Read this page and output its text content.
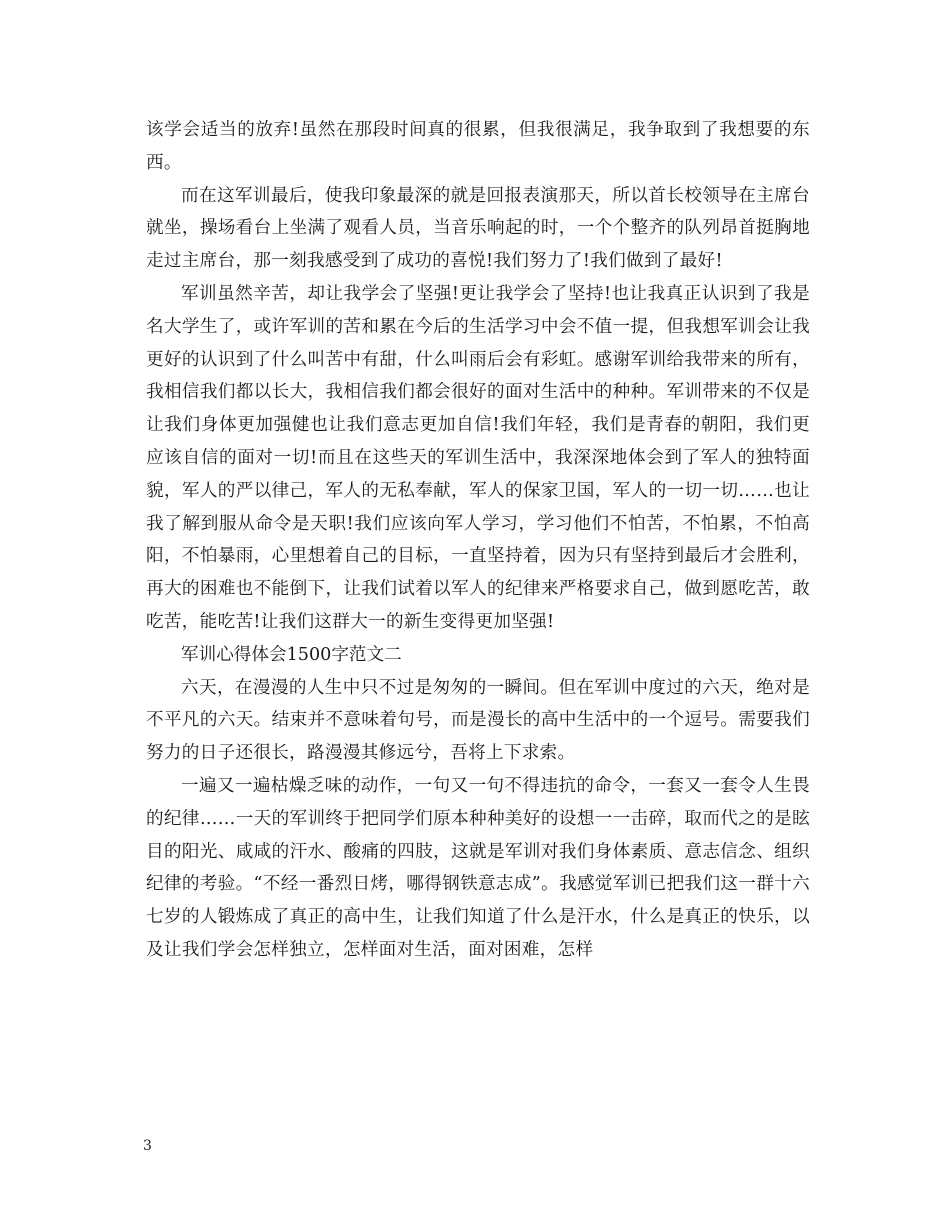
该学会适当的放弃!虽然在那段时间真的很累，但我很满足，我争取到了我想要的东西。

而在这军训最后，使我印象最深的就是回报表演那天，所以首长校领导在主席台就坐，操场看台上坐满了观看人员，当音乐响起的时，一个个整齐的队列昂首挺胸地走过主席台，那一刻我感受到了成功的喜悦!我们努力了!我们做到了最好!

军训虽然辛苦，却让我学会了坚强!更让我学会了坚持!也让我真正认识到了我是名大学生了，或许军训的苦和累在今后的生活学习中会不值一提，但我想军训会让我更好的认识到了什么叫苦中有甜，什么叫雨后会有彩虹。感谢军训给我带来的所有，我相信我们都以长大，我相信我们都会很好的面对生活中的种种。军训带来的不仅是让我们身体更加强健也让我们意志更加自信!我们年轻，我们是青春的朝阳，我们更应该自信的面对一切!而且在这些天的军训生活中，我深深地体会到了军人的独特面貌，军人的严以律己，军人的无私奉献，军人的保家卫国，军人的一切一切……也让我了解到服从命令是天职!我们应该向军人学习，学习他们不怕苦，不怕累，不怕高阳，不怕暴雨，心里想着自己的目标，一直坚持着，因为只有坚持到最后才会胜利，再大的困难也不能倒下，让我们试着以军人的纪律来严格要求自己，做到愿吃苦，敢吃苦，能吃苦!让我们这群大一的新生变得更加坚强!

军训心得体会1500字范文二

六天，在漫漫的人生中只不过是匆匆的一瞬间。但在军训中度过的六天，绝对是不平凡的六天。结束并不意味着句号，而是漫长的高中生活中的一个逗号。需要我们努力的日子还很长，路漫漫其修远兮，吾将上下求索。

一遍又一遍枯燥乏味的动作，一句又一句不得违抗的命令，一套又一套令人生畏的纪律……一天的军训终于把同学们原本种种美好的设想一一击碎，取而代之的是眩目的阳光、咸咸的汗水、酸痛的四肢，这就是军训对我们身体素质、意志信念、组织纪律的考验。“不经一番烈日烤，哪得钢铁意志成”。我感觉军训已把我们这一群十六七岁的人锻炼成了真正的高中生，让我们知道了什么是汗水，什么是真正的快乐，以及让我们学会怎样独立，怎样面对生活，面对困难，怎样

3
